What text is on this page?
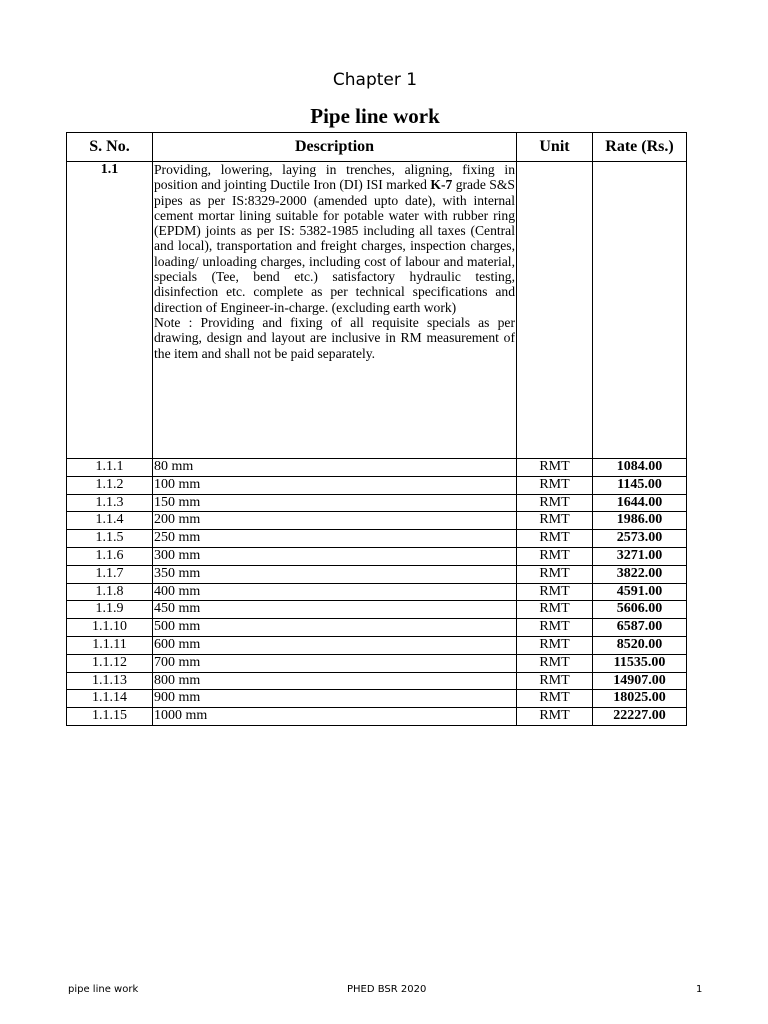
Chapter 1
Pipe line work
S. No.	Description	Unit	Rate (Rs.)
1.1	Providing, lowering, laying in trenches, aligning, fixing in position and jointing Ductile Iron (DI) ISI marked K-7 grade S&S pipes as per IS:8329-2000 (amended upto date), with internal cement mortar lining suitable for potable water with rubber ring (EPDM) joints as per IS: 5382-1985 including all taxes (Central and local), transportation and freight charges, inspection charges, loading/ unloading charges, including cost of labour and material, specials (Tee, bend etc.) satisfactory hydraulic testing, disinfection etc. complete as per technical specifications and direction of Engineer-in-charge. (excluding earth work)
Note : Providing and fixing of all requisite specials as per drawing, design and layout are inclusive in RM measurement of the item and shall not be paid separately.		
1.1.1	80 mm	RMT	1084.00
1.1.2	100 mm	RMT	1145.00
1.1.3	150 mm	RMT	1644.00
1.1.4	200 mm	RMT	1986.00
1.1.5	250 mm	RMT	2573.00
1.1.6	300 mm	RMT	3271.00
1.1.7	350 mm	RMT	3822.00
1.1.8	400 mm	RMT	4591.00
1.1.9	450 mm	RMT	5606.00
1.1.10	500 mm	RMT	6587.00
1.1.11	600 mm	RMT	8520.00
1.1.12	700 mm	RMT	11535.00
1.1.13	800 mm	RMT	14907.00
1.1.14	900 mm	RMT	18025.00
1.1.15	1000 mm	RMT	22227.00
pipe line work	PHED BSR 2020	1
